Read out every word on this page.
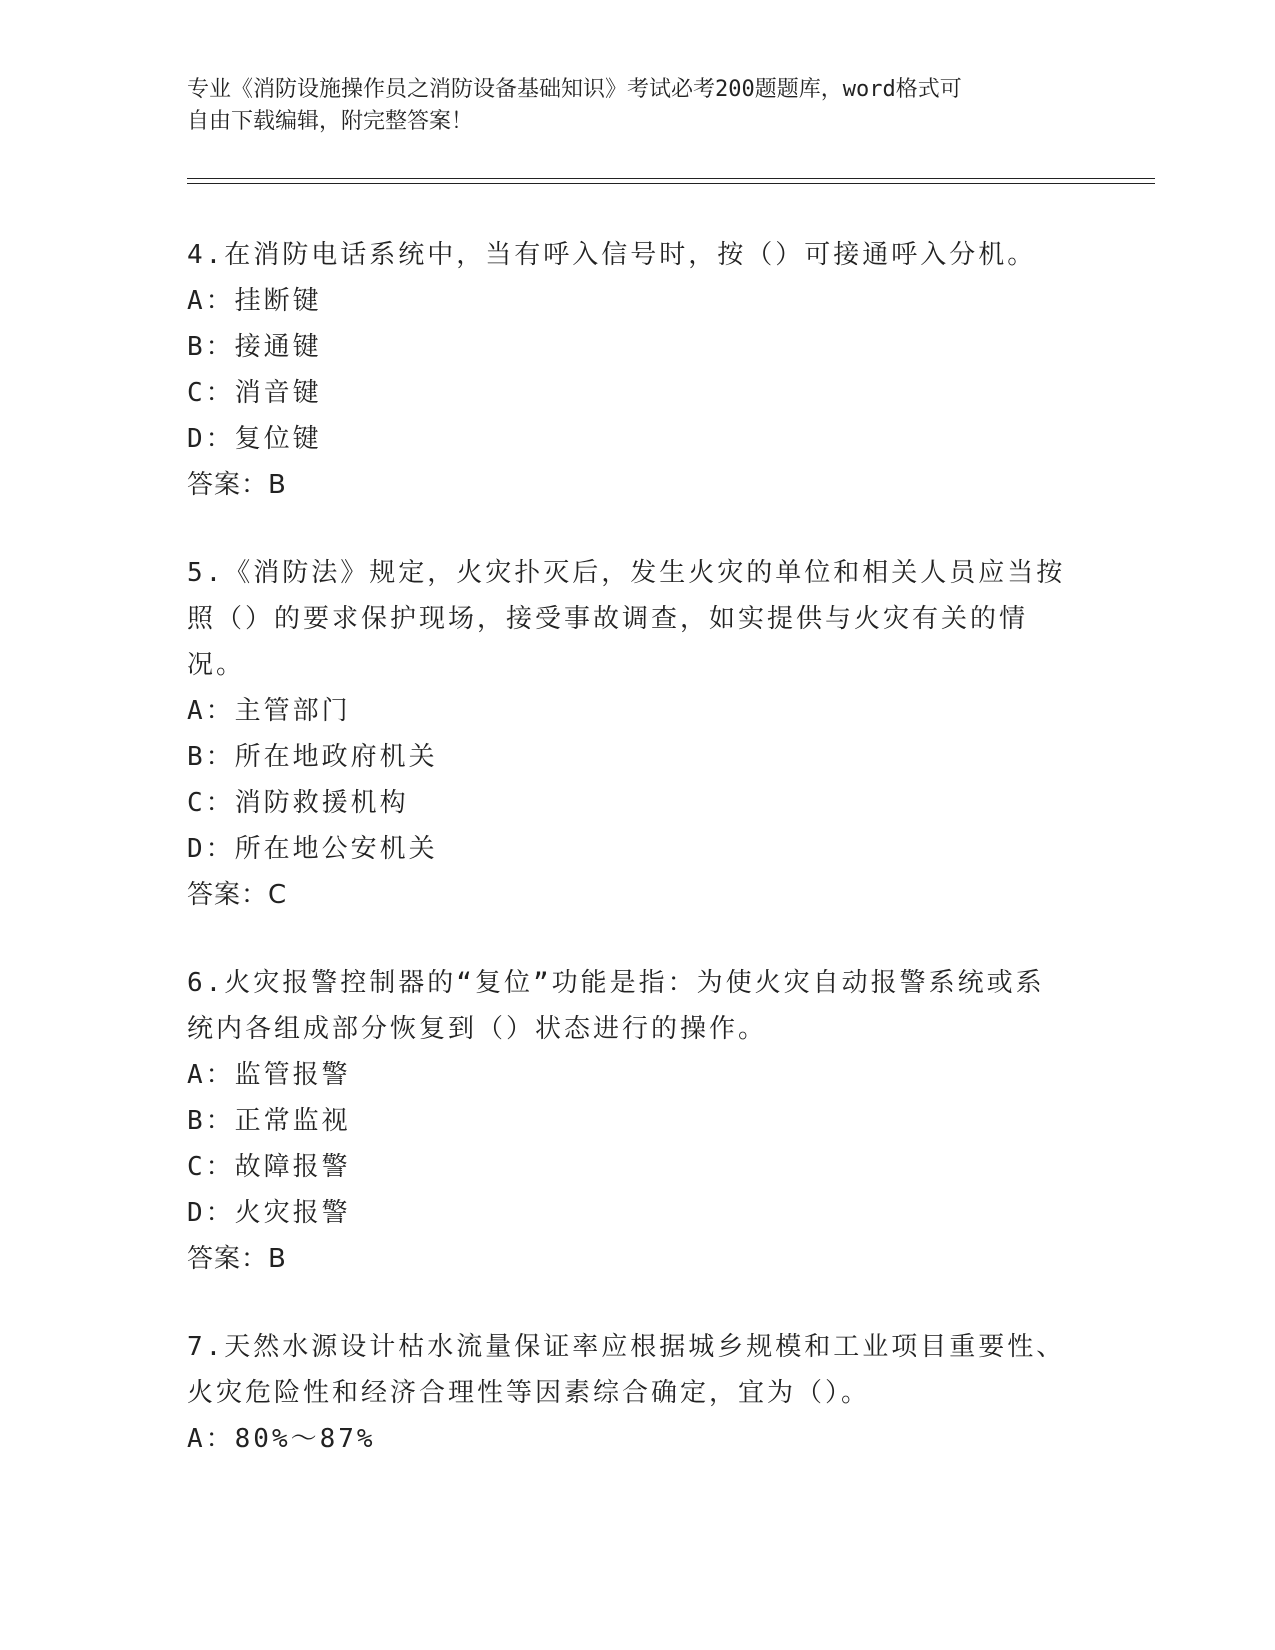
专业《消防设施操作员之消防设备基础知识》考试必考200题题库，word格式可
自由下载编辑，附完整答案！

4.在消防电话系统中，当有呼入信号时，按（）可接通呼入分机。

A：挂断键

B：接通键

C：消音键

D：复位键

答案：B

5.《消防法》规定，火灾扑灭后，发生火灾的单位和相关人员应当按照（）的要求保护现场，接受事故调查，如实提供与火灾有关的情况。

A：主管部门

B：所在地政府机关

C：消防救援机构

D：所在地公安机关

答案：C

6.火灾报警控制器的“复位”功能是指：为使火灾自动报警系统或系统内各组成部分恢复到（）状态进行的操作。

A：监管报警

B：正常监视

C：故障报警

D：火灾报警

答案：B

7.天然水源设计枯水流量保证率应根据城乡规模和工业项目重要性、火灾危险性和经济合理性等因素综合确定，宜为（）。

A：80%～87%
